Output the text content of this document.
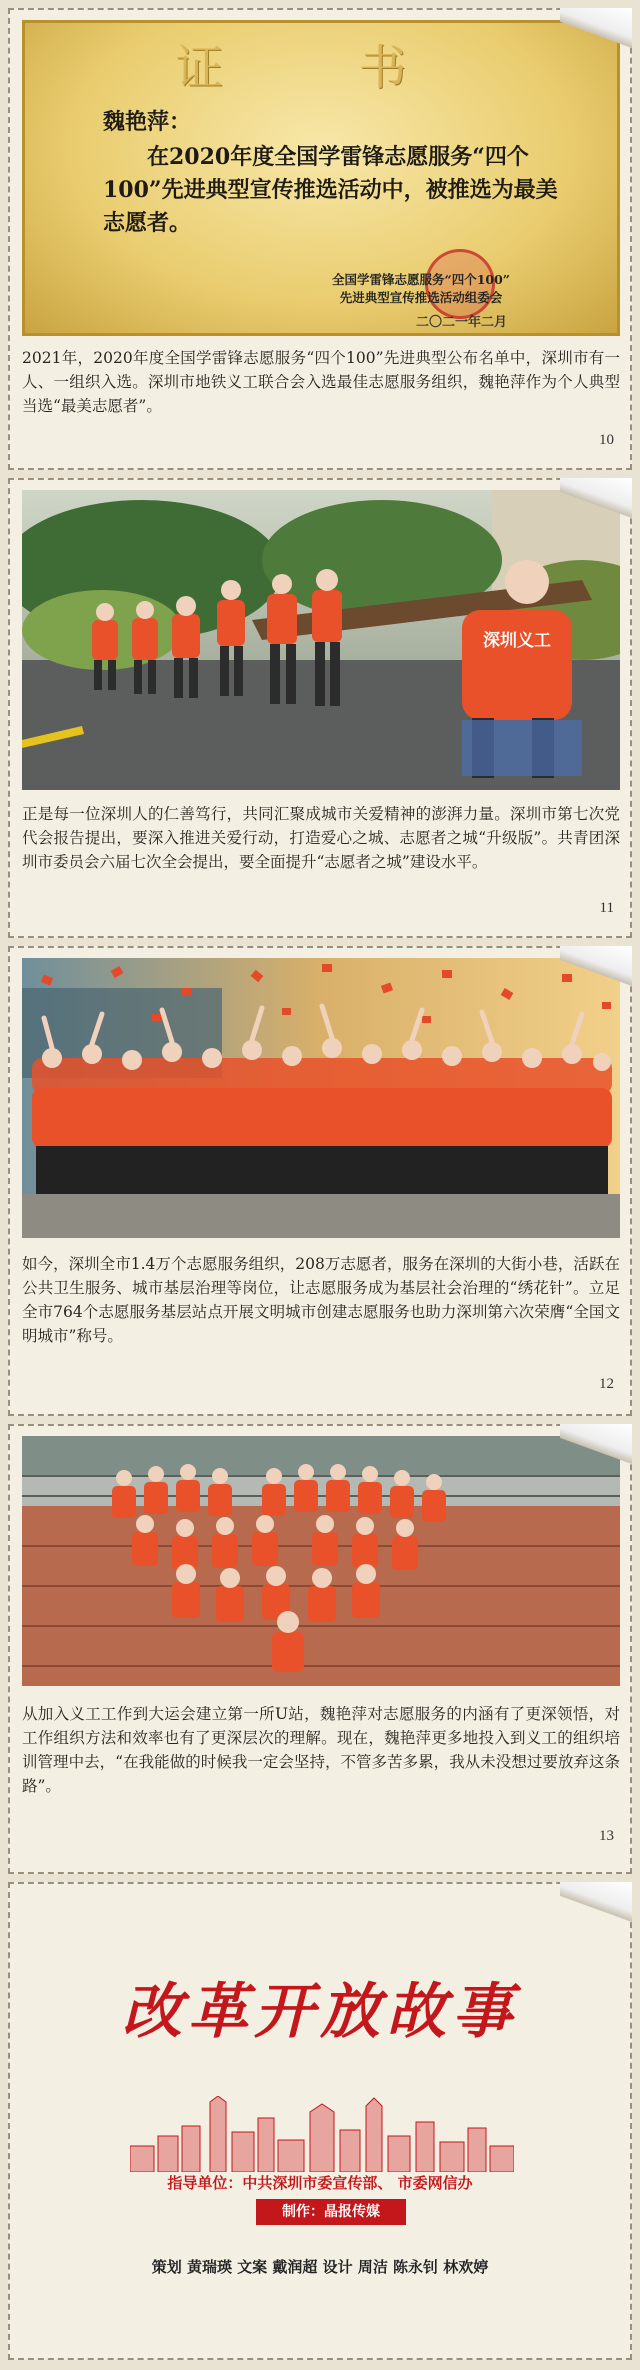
证 书
魏艳萍：
在2020年度全国学雷锋志愿服务“四个100”先进典型宣传推选活动中，被推选为最美志愿者。
全国学雷锋志愿服务“四个100”
先进典型宣传推选活动组委会
二〇二一年二月

2021年，2020年度全国学雷锋志愿服务“四个100”先进典型公布名单中，深圳市有一人、一组织入选。深圳市地铁义工联合会入选最佳志愿服务组织，魏艳萍作为个人典型当选“最美志愿者”。

10
深圳义工

正是每一位深圳人的仁善笃行，共同汇聚成城市关爱精神的澎湃力量。深圳市第七次党代会报告提出，要深入推进关爱行动，打造爱心之城、志愿者之城“升级版”。共青团深圳市委员会六届七次全会提出，要全面提升“志愿者之城”建设水平。

11

如今，深圳全市1.4万个志愿服务组织，208万志愿者，服务在深圳的大街小巷，活跃在公共卫生服务、城市基层治理等岗位，让志愿服务成为基层社会治理的“绣花针”。立足全市764个志愿服务基层站点开展文明城市创建志愿服务也助力深圳第六次荣膺“全国文明城市”称号。

12

从加入义工工作到大运会建立第一所U站，魏艳萍对志愿服务的内涵有了更深领悟，对工作组织方法和效率也有了更深层次的理解。现在，魏艳萍更多地投入到义工的组织培训管理中去，“在我能做的时候我一定会坚持，不管多苦多累，我从未没想过要放弃这条路”。

13
改革开放故事
指导单位：中共深圳市委宣传部、 市委网信办
制作：晶报传媒
策划 黄瑞瑛 文案 戴润超 设计 周洁 陈永钊 林欢婷
